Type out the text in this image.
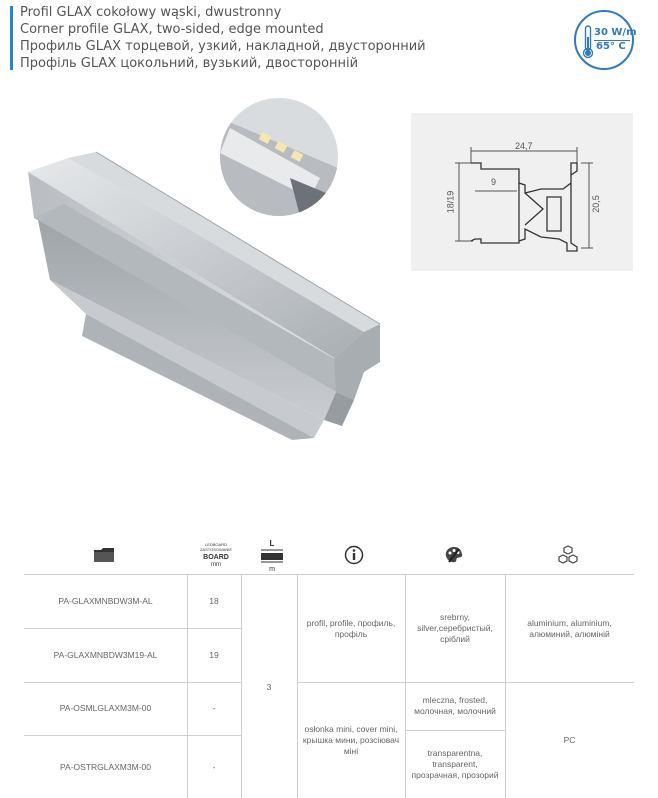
Profil GLAX cokołowy wąski, dwustronny
Corner profile GLAX, two-sided, edge mounted
Профиль GLAX торцевой, узкий, накладной, двусторонний
Профіль GLAX цокольний, вузький, двосторонній
30 W/m
65° C
24,7
9
18/19	20,5
LEDBOARD
ZASTOSOWANIE
BOARD
mm
L
m
PA-GLAXMNBDW3M-AL
PA-GLAXMNBDW3M19-AL
PA-OSMLGLAXM3M-00
PA-OSTRGLAXM3M-00
18
19
-
-
3
profil, profile, профиль, профіль
osłonka mini, cover mini, крышка мини, розсіювач міні
srebrny, silver,серебристый, сріблий
mleczna, frosted, молочная, молочний
transparentna, transparent, прозрачная, прозорий
aluminium, aluminium, алюминий, алюміній
PC
